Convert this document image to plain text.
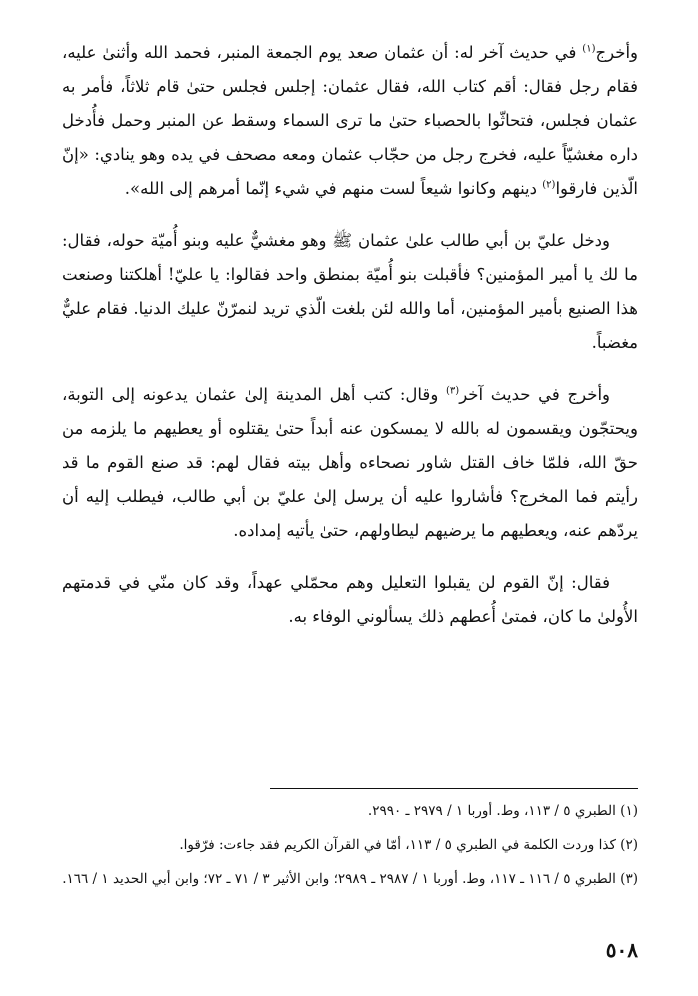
وأخرج$^{(١)}$ في حديث آخر له: أن عثمان صعد يوم الجمعة المنبر، فحمد الله وأثنىٰ عليه، فقام رجل فقال: أقم كتاب الله، فقال عثمان: إجلس فجلس حتىٰ قام ثلاثاً، فأمر به عثمان فجلس، فتحاثّوا بالحصباء حتىٰ ما ترى السماء وسقط عن المنبر وحمل فأُدخل داره مغشيّاً عليه، فخرج رجل من حجّاب عثمان ومعه مصحف في يده وهو ينادي: «إنّ الّذين فارقوا$^{(٢)}$ دينهم وكانوا شيعاً لست منهم في شيء إنّما أمرهم إلى الله».

ودخل عليّ بن أبي طالب علىٰ عثمان ﷺ وهو مغشيٌّ عليه وبنو أُميّة حوله، فقال: ما لك يا أمير المؤمنين؟ فأقبلت بنو أُميّة بمنطق واحد فقالوا: يا عليّ! أهلكتنا وصنعت هذا الصنيع بأمير المؤمنين، أما والله لئن بلغت الّذي تريد لنمرّنّ عليك الدنيا. فقام عليٌّ مغضباً.

وأخرج في حديث آخر$^{(٣)}$ وقال: كتب أهل المدينة إلىٰ عثمان يدعونه إلى التوبة، ويحتجّون ويقسمون له بالله لا يمسكون عنه أبداً حتىٰ يقتلوه أو يعطيهم ما يلزمه من حقّ الله، فلمّا خاف القتل شاور نصحاءه وأهل بيته فقال لهم: قد صنع القوم ما قد رأيتم فما المخرج؟ فأشاروا عليه أن يرسل إلىٰ عليّ بن أبي طالب، فيطلب إليه أن يردّهم عنه، ويعطيهم ما يرضيهم ليطاولهم، حتىٰ يأتيه إمداده.

فقال: إنّ القوم لن يقبلوا التعليل وهم محمّلي عهداً، وقد كان منّي في قدمتهم الأُولىٰ ما كان، فمتىٰ أُعطهم ذلك يسألوني الوفاء به.

(١) الطبري ٥ / ١١٣، وط. أوربا ١ / ٢٩٧٩ ـ ٢٩٩٠.

(٢) كذا وردت الكلمة في الطبري ٥ / ١١٣، أمّا في القرآن الكريم فقد جاءت: فرّقوا.

(٣) الطبري ٥ / ١١٦ ـ ١١٧، وط. أوربا ١ / ٢٩٨٧ ـ ٢٩٨٩؛ وابن الأثير ٣ / ٧١ ـ ٧٢؛ وابن أبي الحديد ١ / ١٦٦.

٥٠٨
